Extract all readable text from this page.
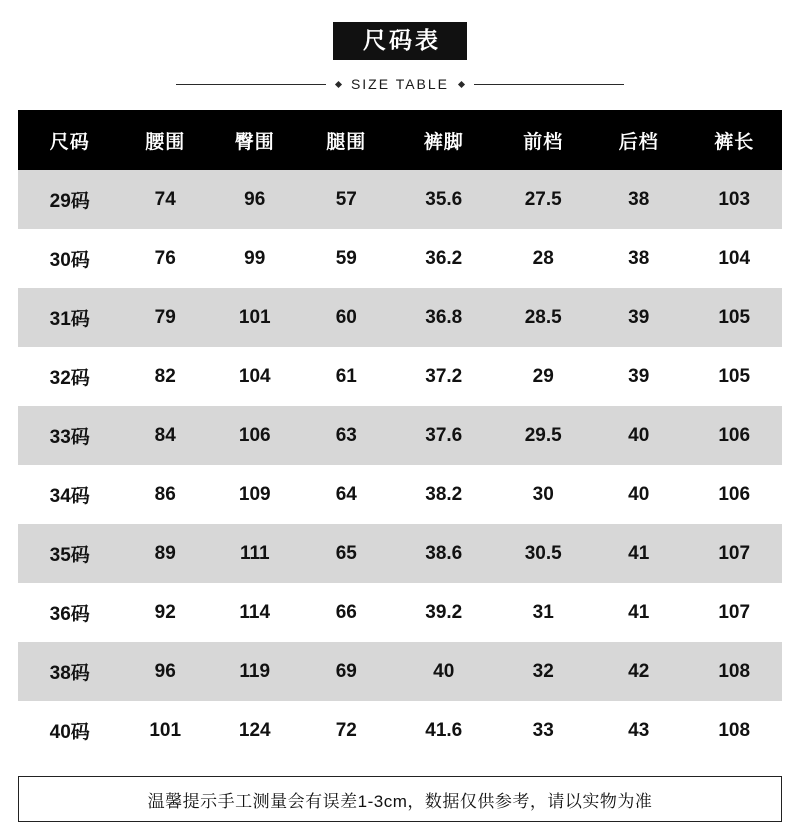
尺码表
SIZE TABLE
尺码	腰围	臀围	腿围	裤脚	前档	后档	裤长
29码	74	96	57	35.6	27.5	38	103
30码	76	99	59	36.2	28	38	104
31码	79	101	60	36.8	28.5	39	105
32码	82	104	61	37.2	29	39	105
33码	84	106	63	37.6	29.5	40	106
34码	86	109	64	38.2	30	40	106
35码	89	111	65	38.6	30.5	41	107
36码	92	114	66	39.2	31	41	107
38码	96	119	69	40	32	42	108
40码	101	124	72	41.6	33	43	108
温馨提示手工测量会有误差1-3cm，数据仅供参考，请以实物为准
